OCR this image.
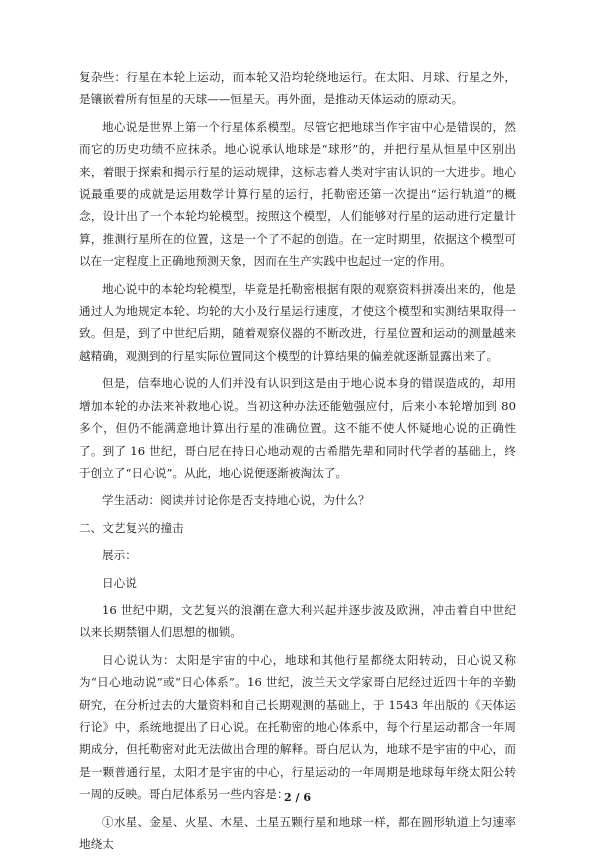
复杂些：行星在本轮上运动，而本轮又沿均轮绕地运行。在太阳、月球、行星之外，是镶嵌着所有恒星的天球——恒星天。再外面，是推动天体运动的原动天。

地心说是世界上第一个行星体系模型。尽管它把地球当作宇宙中心是错误的，然而它的历史功绩不应抹杀。地心说承认地球是“球形”的，并把行星从恒星中区别出来，着眼于探索和揭示行星的运动规律，这标志着人类对宇宙认识的一大进步。地心说最重要的成就是运用数学计算行星的运行，托勒密还第一次提出“运行轨道”的概念，设计出了一个本轮均轮模型。按照这个模型，人们能够对行星的运动进行定量计算，推测行星所在的位置，这是一个了不起的创造。在一定时期里，依据这个模型可以在一定程度上正确地预测天象，因而在生产实践中也起过一定的作用。

地心说中的本轮均轮模型，毕竟是托勒密根据有限的观察资料拼凑出来的，他是通过人为地规定本轮、均轮的大小及行星运行速度，才使这个模型和实测结果取得一致。但是，到了中世纪后期，随着观察仪器的不断改进，行星位置和运动的测量越来越精确，观测到的行星实际位置同这个模型的计算结果的偏差就逐渐显露出来了。

但是，信奉地心说的人们并没有认识到这是由于地心说本身的错误造成的，却用增加本轮的办法来补救地心说。当初这种办法还能勉强应付，后来小本轮增加到 80 多个，但仍不能满意地计算出行星的准确位置。这不能不使人怀疑地心说的正确性了。到了 16 世纪，哥白尼在持日心地动观的古希腊先辈和同时代学者的基础上，终于创立了“日心说”。从此，地心说便逐渐被淘汰了。

学生活动：阅读并讨论你是否支持地心说，为什么？

二、文艺复兴的撞击

展示：

日心说

16 世纪中期，文艺复兴的浪潮在意大利兴起并逐步波及欧洲，冲击着自中世纪以来长期禁锢人们思想的枷锁。

日心说认为：太阳是宇宙的中心，地球和其他行星都绕太阳转动，日心说又称为“日心地动说”或“日心体系”。16 世纪，波兰天文学家哥白尼经过近四十年的辛勤研究，在分析过去的大量资料和自己长期观测的基础上，于 1543 年出版的《天体运行论》中，系统地提出了日心说。在托勒密的地心体系中，每个行星运动都含一年周期成分，但托勒密对此无法做出合理的解释。哥白尼认为，地球不是宇宙的中心，而是一颗普通行星，太阳才是宇宙的中心，行星运动的一年周期是地球每年绕太阳公转一周的反映。哥白尼体系另一些内容是：

①水星、金星、火星、木星、土星五颗行星和地球一样，都在圆形轨道上匀速率地绕太

2 / 6
